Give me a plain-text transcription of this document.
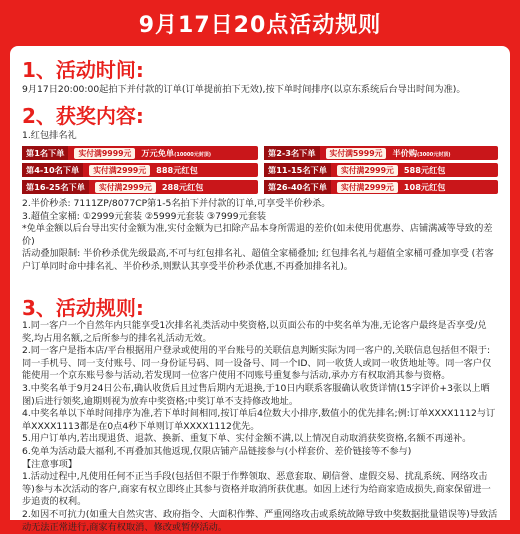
9月17日20点活动规则
1、活动时间:

9月17日20:00:00起拍下并付款的订单(订单提前拍下无效),按下单时间排序(以京东系统后台导出时间为准)。

2、获奖内容:

1.红包排名礼

第1名下单	实付满9999元	万元免单(10000元封顶)	第2-3名下单	实付满5999元	半价购(3000元封顶)
第4-10名下单	实付满2999元	888元红包	第11-15名下单	实付满2999元	588元红包
第16-25名下单	实付满2999元	288元红包	第26-40名下单	实付满2999元	108元红包

2.半价秒杀: 7111ZP/8077CP第1-5名拍下并付款的订单,可享受半价秒杀。

3.超值全家桶: ①2999元套装 ②5999元套装 ③7999元套装

*免单金额以后台导出实付金额为准,实付金额为已扣除产品本身所需退的差价(如未使用优惠券、店铺满减等导致的差价)

活动叠加限制: 半价秒杀优先级最高,不可与红包排名礼、超值全家桶叠加; 红包排名礼与超值全家桶可叠加享受 (若客户订单同时命中排名礼、半价秒杀,则默认其享受半价秒杀优惠,不再叠加排名礼)。

3、活动规则:

1.同一客户一个自然年内只能享受1次排名礼类活动中奖资格,以页面公布的中奖名单为准,无论客户最终是否享受/兑奖,均占用名额,之后所参与的排名礼活动无效。

2.同一客户是指本店/平台根据用户登录或使用的平台账号的关联信息判断实际为同一客户的,关联信息包括但不限于:同一手机号、同一支付账号、同一身份证号码、同一设备号、同一个ID、同一收货人或同一收货地址等。同一客户仅能使用一个京东账号参与活动,若发现同一位客户使用不同账号重复参与活动,承办方有权取消其参与资格。

3.中奖名单于9月24日公布,确认收货后且过售后期内无退换,于10日内联系客服确认收货详情(15字评价+3张以上晒图)后进行领奖,逾期则视为放弃中奖资格;中奖订单不支持修改地址。

4.中奖名单以下单时间排序为准,若下单时间相同,按订单后4位数大小排序,数值小的优先排名;例:订单XXXX1112与订单XXXX1113都是在0点4秒下单则订单XXXX1112优先。

5.用户订单内,若出现退货、退款、换新、重复下单、实付金额不满,以上情况自动取消获奖资格,名额不再递补。

6.免单为活动最大福利,不再叠加其他返现,仅限店铺产品链接参与(小样套价、差价链接等不参与)

【注意事项】

1.活动过程中,凡使用任何不正当手段(包括但不限于作弊领取、恶意套取、刷信誉、虚假交易、扰乱系统、网络攻击等)参与本次活动的客户,商家有权立即终止其参与资格并取消所获优惠。如因上述行为给商家造成损失,商家保留进一步追责的权利。

2.如因不可抗力(如重大自然灾害、政府指令、大面积作弊、严重网络攻击或系统故障导致中奖数据批量错误等)导致活动无法正常进行,商家有权取消、修改或暂停活动。
